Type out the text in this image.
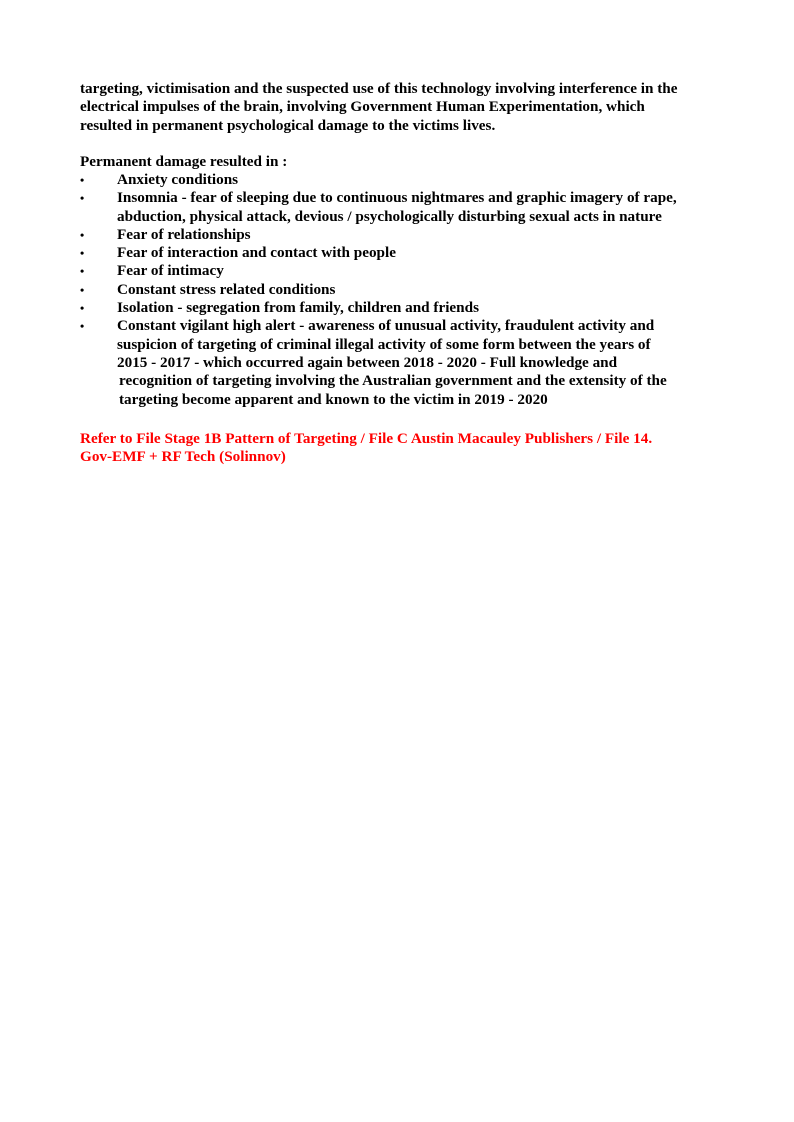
targeting, victimisation and the suspected use of this technology involving interference in the
electrical impulses of the brain, involving Government Human Experimentation, which
resulted in permanent psychological damage to the victims lives.
Permanent damage resulted in :
•	Anxiety conditions
•	Insomnia - fear of sleeping due to continuous nightmares and graphic imagery of rape,
abduction, physical attack, devious / psychologically disturbing sexual acts in nature
•	Fear of relationships
•	Fear of interaction and contact with people
•	Fear of intimacy
•	Constant stress related conditions
•	Isolation - segregation from family, children and friends
•	Constant vigilant high alert - awareness of unusual activity, fraudulent activity and
suspicion of targeting of criminal illegal activity of some form between the years of
2015 - 2017 - which occurred again between 2018 - 2020 - Full knowledge and
recognition of targeting involving the Australian government and the extensity of the
targeting become apparent and known to the victim in 2019 - 2020
Refer to File Stage 1B Pattern of Targeting / File C Austin Macauley Publishers / File 14.
Gov-EMF + RF Tech (Solinnov)
